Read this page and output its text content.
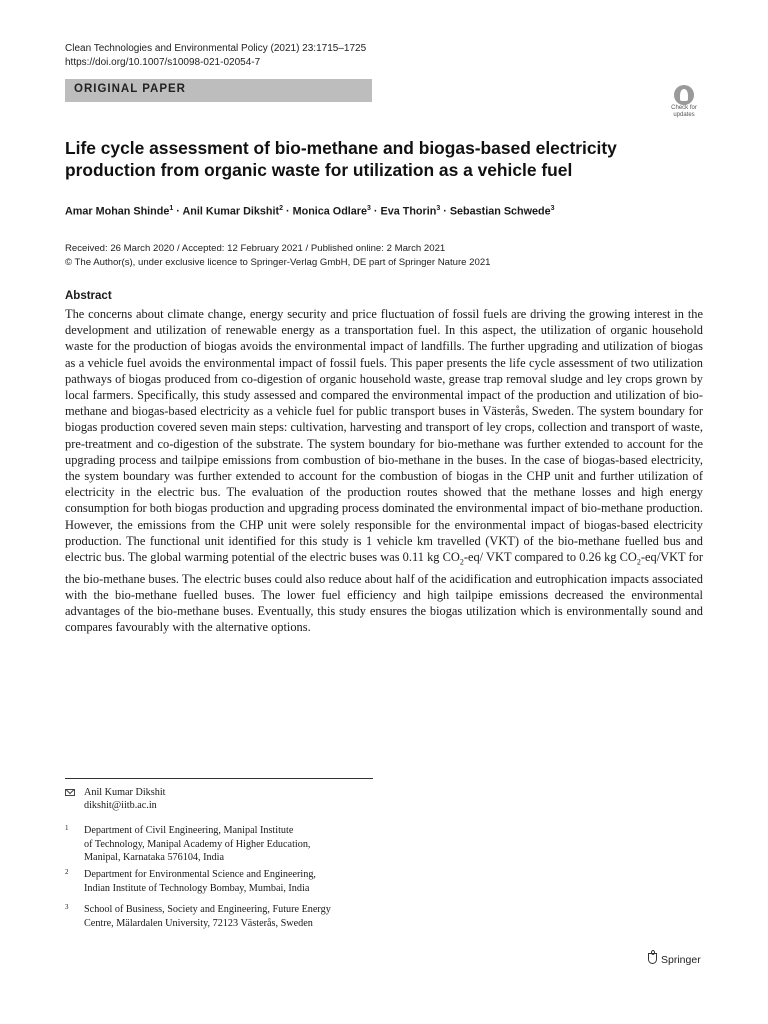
Clean Technologies and Environmental Policy (2021) 23:1715–1725
https://doi.org/10.1007/s10098-021-02054-7
ORIGINAL PAPER
Check for
updates
Life cycle assessment of bio-methane and biogas-based electricity
production from organic waste for utilization as a vehicle fuel
Amar Mohan Shinde$^1$ · Anil Kumar Dikshit$^2$ · Monica Odlare$^3$ · Eva Thorin$^3$ · Sebastian Schwede$^3$
Received: 26 March 2020 / Accepted: 12 February 2021 / Published online: 2 March 2021
© The Author(s), under exclusive licence to Springer-Verlag GmbH, DE part of Springer Nature 2021
Abstract
The concerns about climate change, energy security and price fluctuation of fossil fuels are driving the growing interest in the development and utilization of renewable energy as a transportation fuel. In this aspect, the utilization of organic household waste for the production of biogas avoids the environmental impact of landfills. The further upgrading and utilization of biogas as a vehicle fuel avoids the environmental impact of fossil fuels. This paper presents the life cycle assessment of two utilization pathways of biogas produced from co-digestion of organic household waste, grease trap removal sludge and ley crops grown by local farmers. Specifically, this study assessed and compared the environmental impact of the production and utilization of bio-methane and biogas-based electricity as a vehicle fuel for public transport buses in Västerås, Sweden. The system boundary for biogas production covered seven main steps: cultivation, harvesting and transport of ley crops, collection and transport of waste, pre-treatment and co-digestion of the substrate. The system boundary for bio-methane was further extended to account for the upgrading process and tailpipe emissions from combustion of bio-methane in the buses. In the case of biogas-based electricity, the system boundary was further extended to account for the combustion of biogas in the CHP unit and further utilization of electricity in the electric bus. The evaluation of the production routes showed that the methane losses and high energy consumption for both biogas production and upgrading process dominated the environmental impact of bio-methane production. However, the emissions from the CHP unit were solely responsible for the environmental impact of biogas-based electricity production. The functional unit identified for this study is 1 vehicle km travelled (VKT) of the bio-methane fuelled bus and electric bus. The global warming potential of the electric buses was 0.11 kg $CO_2-eq/$ VKT compared to 0.26 kg $CO_2-eq$/VKT for the bio-methane buses. The electric buses could also reduce about half of the acidification and eutrophication impacts associated with the bio-methane fuelled buses. The lower fuel efficiency and high tailpipe emissions decreased the environmental advantages of the bio-methane buses. Eventually, this study ensures the biogas utilization which is environmentally sound and compares favourably with the alternative options.
Anil Kumar Dikshit
dikshit@iitb.ac.in
1 Department of Civil Engineering, Manipal Institute
of Technology, Manipal Academy of Higher Education,
Manipal, Karnataka 576104, India
2 Department for Environmental Science and Engineering,
Indian Institute of Technology Bombay, Mumbai, India
3 School of Business, Society and Engineering, Future Energy
Centre, Mälardalen University, 72123 Västerås, Sweden
Springer
